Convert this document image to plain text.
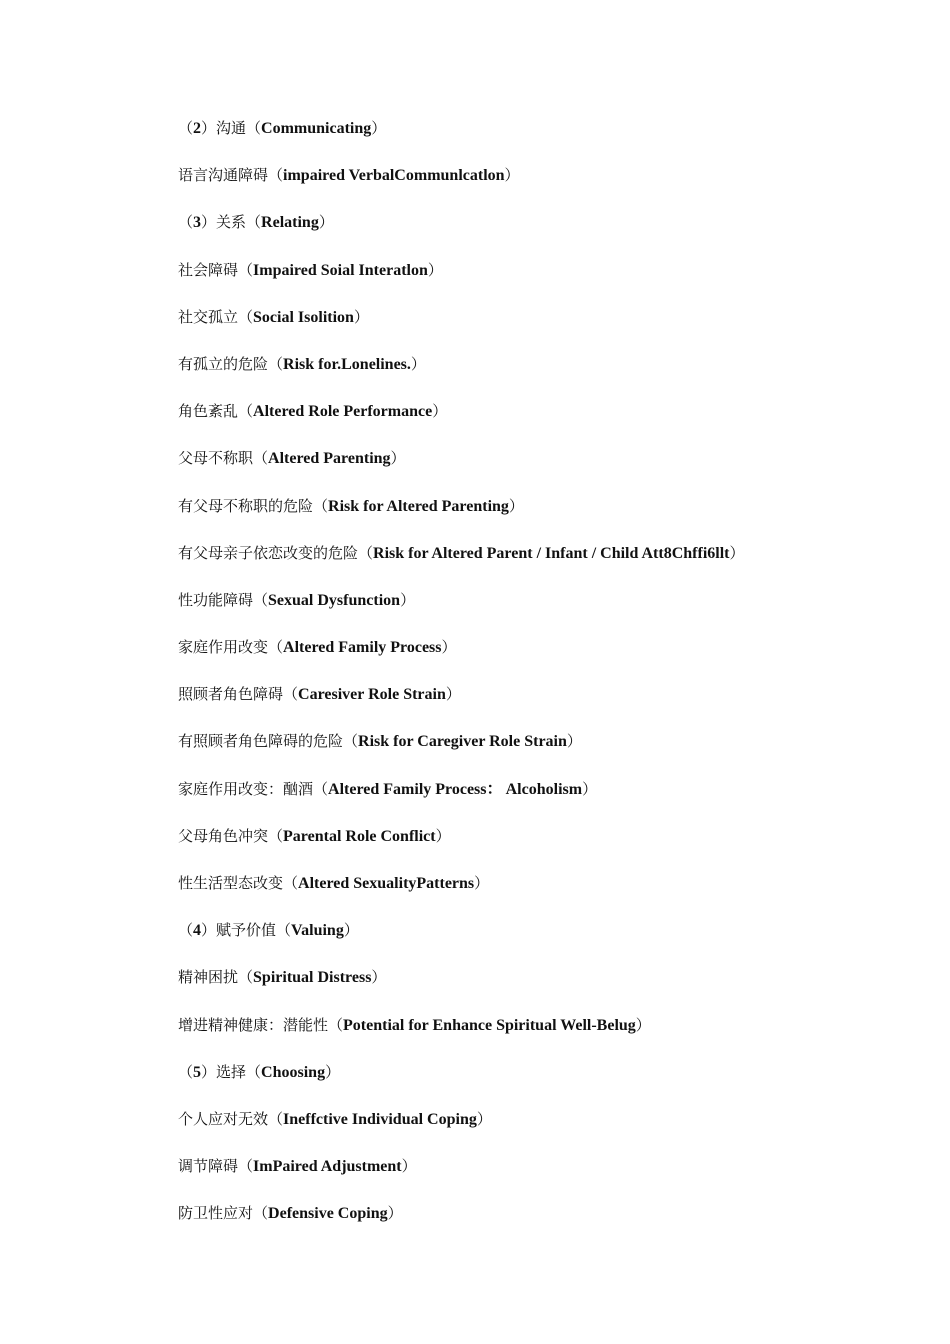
（2）沟通（Communicating）
语言沟通障碍（impaired VerbalCommunlcatlon）
（3）关系（Relating）
社会障碍（Impaired Soial Interatlon）
社交孤立（Social Isolition）
有孤立的危险（Risk for.Lonelines.）
角色紊乱（Altered Role Performance）
父母不称职（Altered Parenting）
有父母不称职的危险（Risk for Altered Parenting）
有父母亲子依恋改变的危险（Risk for Altered Parent / Infant / Child Att8Chffi6llt）
性功能障碍（Sexual Dysfunction）
家庭作用改变（Altered Family Process）
照顾者角色障碍（Caresiver Role Strain）
有照顾者角色障碍的危险（Risk for Caregiver Role Strain）
家庭作用改变：酗酒（Altered Family Process： Alcoholism）
父母角色冲突（Parental Role Conflict）
性生活型态改变（Altered SexualityPatterns）
（4）赋予价值（Valuing）
精神困扰（Spiritual Distress）
增进精神健康：潜能性（Potential for Enhance Spiritual Well-Belug）
（5）选择（Choosing）
个人应对无效（Ineffctive Individual Coping）
调节障碍（ImPaired Adjustment）
防卫性应对（Defensive Coping）
